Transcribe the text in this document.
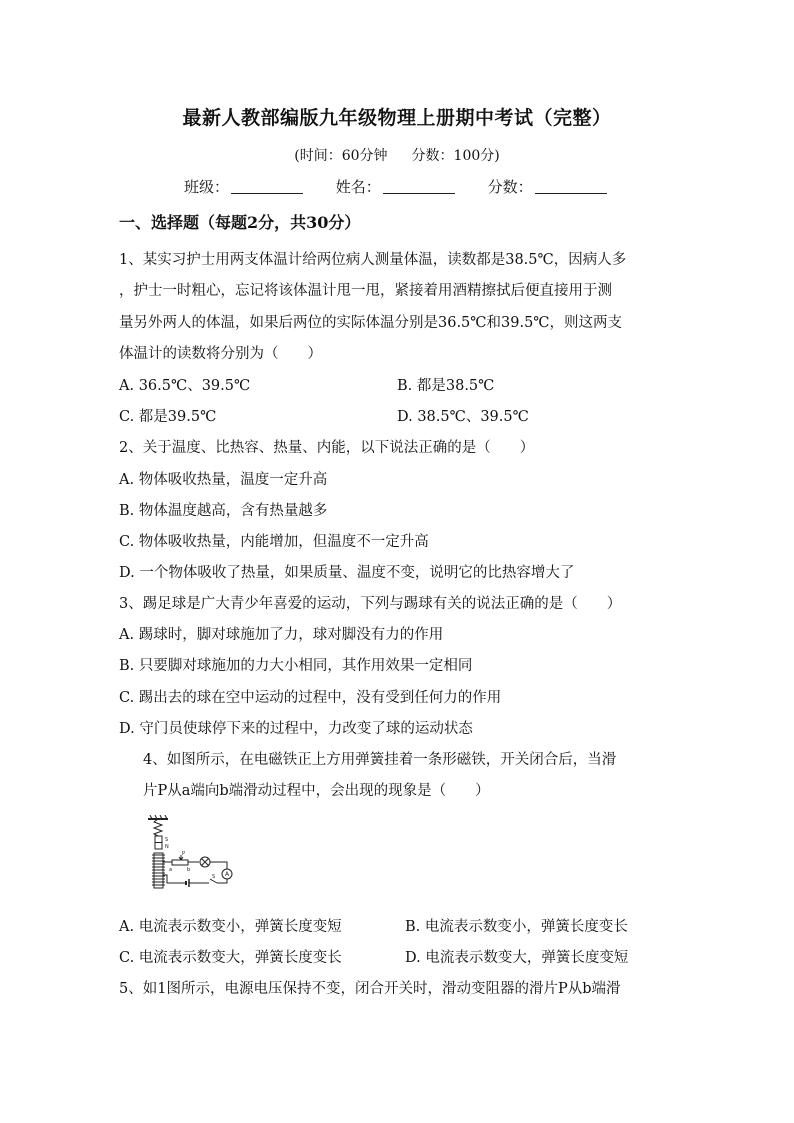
最新人教部编版九年级物理上册期中考试（完整）
(时间：60分钟 分数：100分)
班级：	姓名：	分数：
一、选择题（每题2分，共30分）
1、某实习护士用两支体温计给两位病人测量体温，读数都是38.5℃，因病人多
，护士一时粗心，忘记将该体温计甩一甩，紧接着用酒精擦拭后便直接用于测
量另外两人的体温，如果后两位的实际体温分别是36.5℃和39.5℃，则这两支
体温计的读数将分别为（　　）
A. 36.5℃、39.5℃	B. 都是38.5℃
C. 都是39.5℃	D. 38.5℃、39.5℃
2、关于温度、比热容、热量、内能，以下说法正确的是（　　）
A. 物体吸收热量，温度一定升高
B. 物体温度越高，含有热量越多
C. 物体吸收热量，内能增加，但温度不一定升高
D. 一个物体吸收了热量，如果质量、温度不变，说明它的比热容增大了
3、踢足球是广大青少年喜爱的运动，下列与踢球有关的说法正确的是（　　）
A. 踢球时，脚对球施加了力，球对脚没有力的作用
B. 只要脚对球施加的力大小相同，其作用效果一定相同
C. 踢出去的球在空中运动的过程中，没有受到任何力的作用
D. 守门员使球停下来的过程中，力改变了球的运动状态
4、如图所示，在电磁铁正上方用弹簧挂着一条形磁铁，开关闭合后，当滑
片P从a端向b端滑动过程中，会出现的现象是（　　）
S
N
P
a	b
S A
A. 电流表示数变小，弹簧长度变短	B. 电流表示数变小，弹簧长度变长
C. 电流表示数变大，弹簧长度变长	D. 电流表示数变大，弹簧长度变短
5、如1图所示，电源电压保持不变，闭合开关时，滑动变阻器的滑片P从b端滑
